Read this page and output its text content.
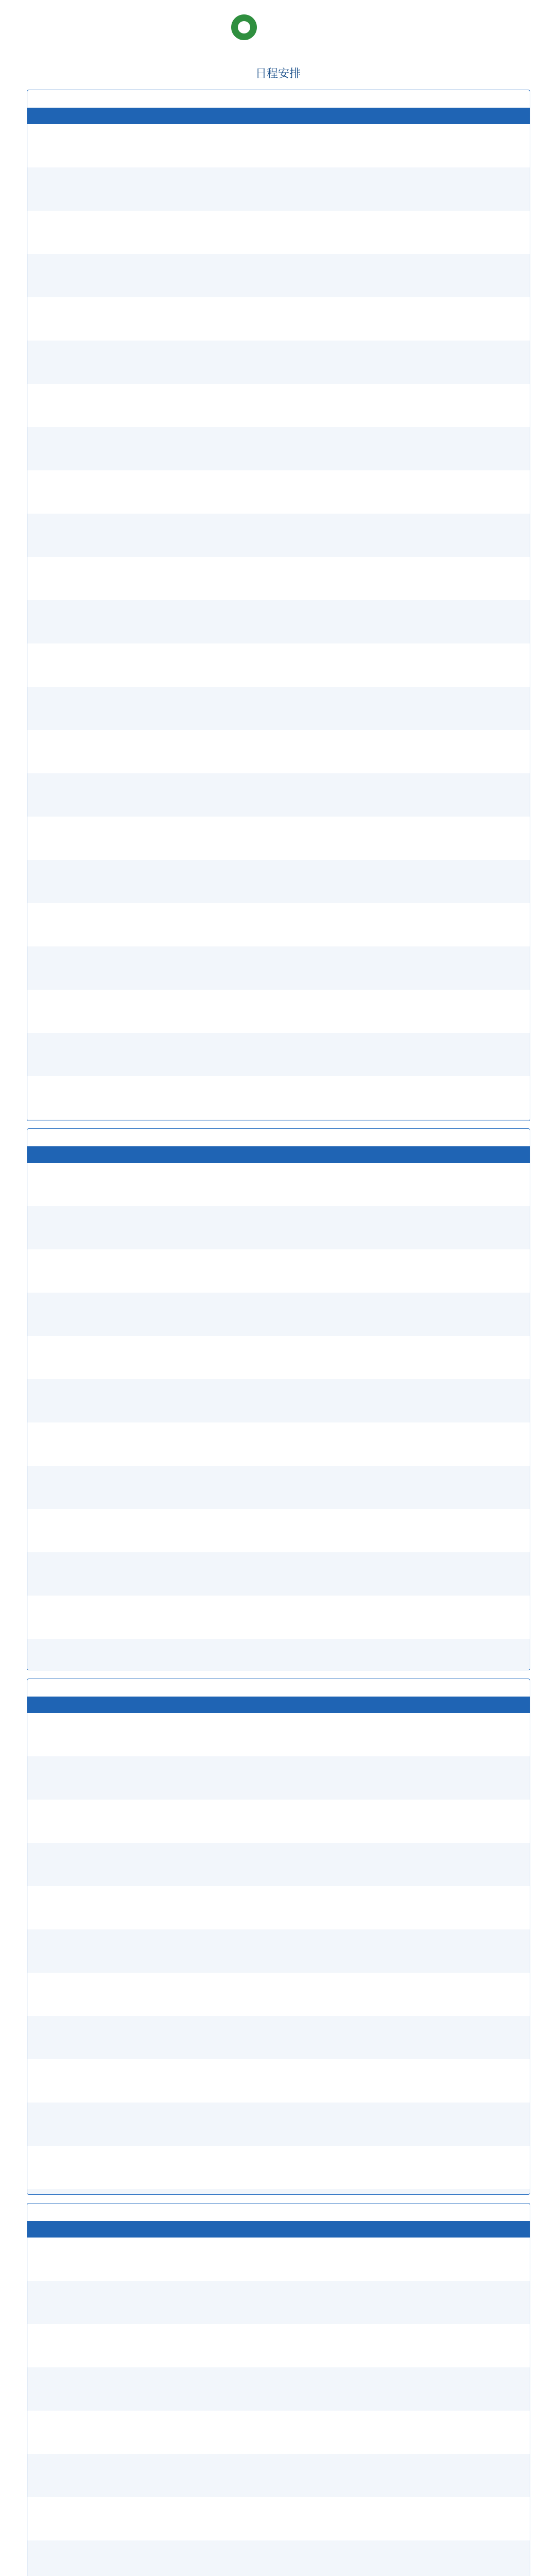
日程安排
